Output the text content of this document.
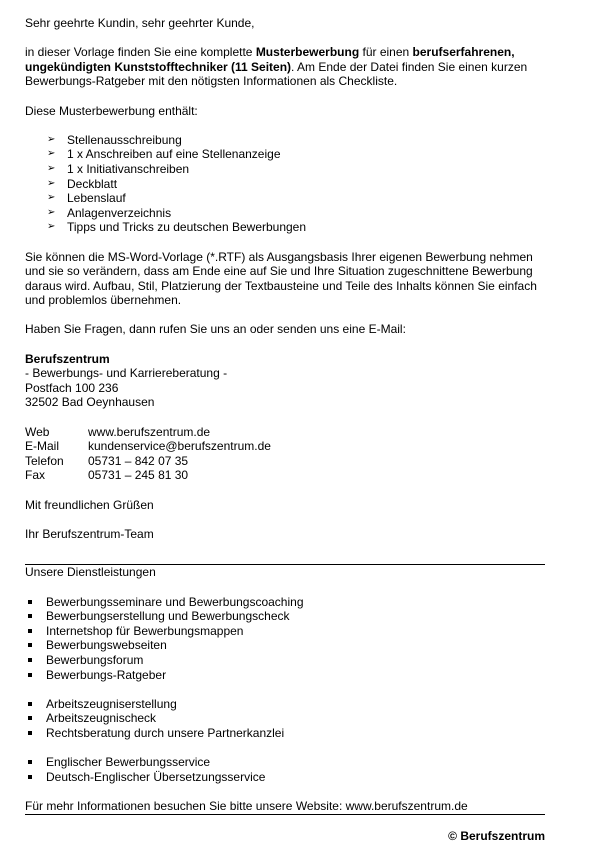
Sehr geehrte Kundin, sehr geehrter Kunde,

in dieser Vorlage finden Sie eine komplette Musterbewerbung für einen berufserfahrenen, ungekündigten Kunststofftechniker (11 Seiten). Am Ende der Datei finden Sie einen kurzen Bewerbungs-Ratgeber mit den nötigsten Informationen als Checkliste.

Diese Musterbewerbung enthält:

➢ Stellenausschreibung
➢ 1 x Anschreiben auf eine Stellenanzeige
➢ 1 x Initiativanschreiben
➢ Deckblatt
➢ Lebenslauf
➢ Anlagenverzeichnis
➢ Tipps und Tricks zu deutschen Bewerbungen

Sie können die MS-Word-Vorlage (*.RTF) als Ausgangsbasis Ihrer eigenen Bewerbung nehmen und sie so verändern, dass am Ende eine auf Sie und Ihre Situation zugeschnittene Bewerbung daraus wird. Aufbau, Stil, Platzierung der Textbausteine und Teile des Inhalts können Sie einfach und problemlos übernehmen.

Haben Sie Fragen, dann rufen Sie uns an oder senden uns eine E-Mail:

Berufszentrum

- Bewerbungs- und Karriereberatung -

Postfach 100 236

32502 Bad Oeynhausen

Web	www.berufszentrum.de
E-Mail	kundenservice@berufszentrum.de
Telefon	05731 – 842 07 35
Fax	05731 – 245 81 30

Mit freundlichen Grüßen

Ihr Berufszentrum-Team

Unsere Dienstleistungen

Bewerbungsseminare und Bewerbungscoaching
Bewerbungserstellung und Bewerbungscheck
Internetshop für Bewerbungsmappen
Bewerbungswebseiten
Bewerbungsforum
Bewerbungs-Ratgeber
Arbeitszeugniserstellung
Arbeitszeugnischeck
Rechtsberatung durch unsere Partnerkanzlei
Englischer Bewerbungsservice
Deutsch-Englischer Übersetzungsservice

Für mehr Informationen besuchen Sie bitte unsere Website: www.berufszentrum.de

© Berufszentrum
